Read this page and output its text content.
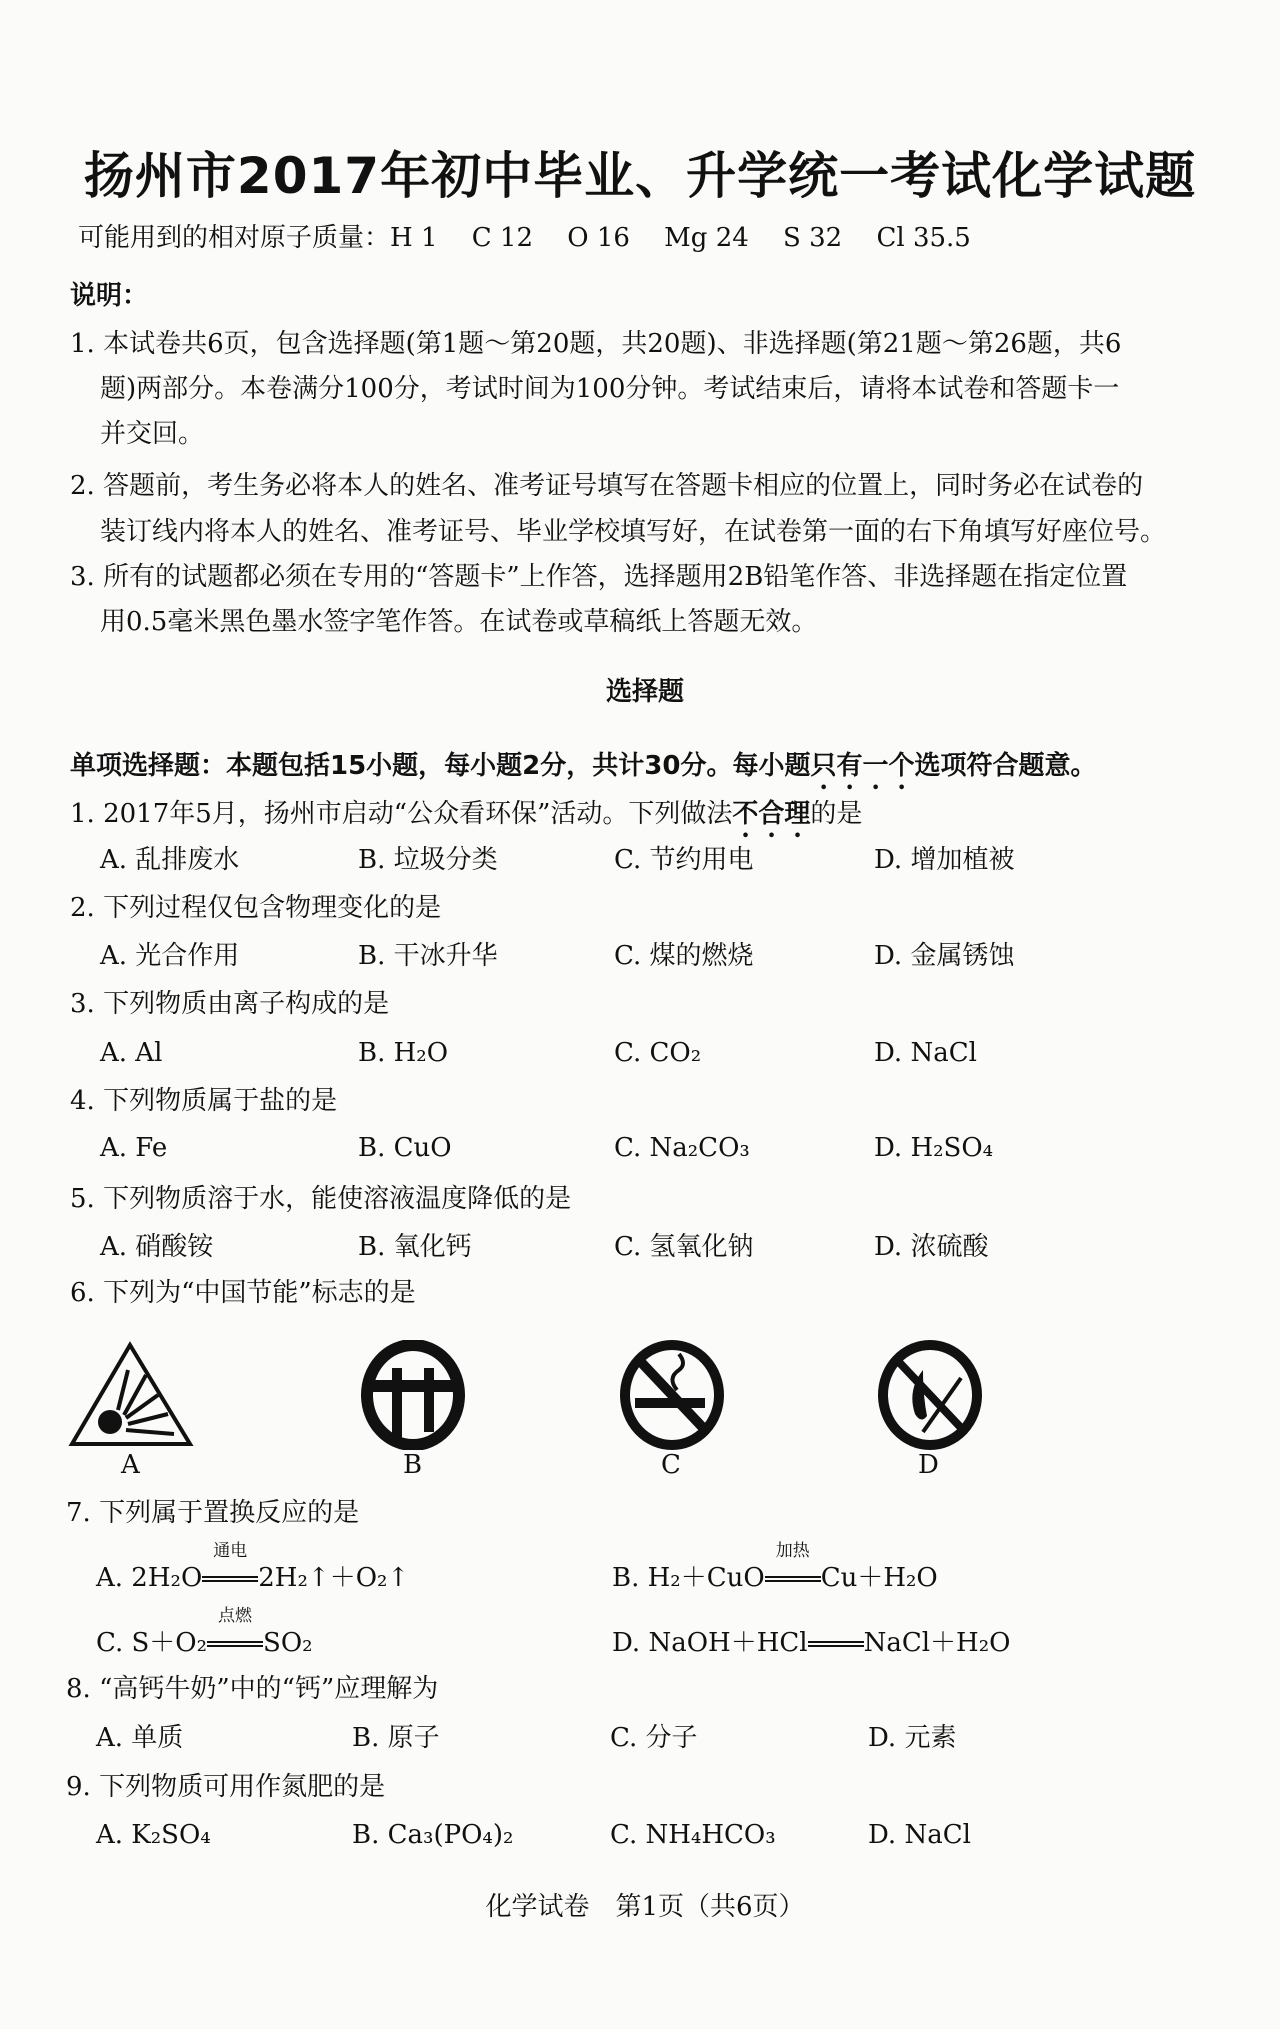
扬州市2017年初中毕业、升学统一考试化学试题
可能用到的相对原子质量：H 1　 C 12　 O 16　 Mg 24　 S 32　 Cl 35.5
说明：
1. 本试卷共6页，包含选择题(第1题～第20题，共20题)、非选择题(第21题～第26题，共6
题)两部分。本卷满分100分，考试时间为100分钟。考试结束后，请将本试卷和答题卡一
并交回。
2. 答题前，考生务必将本人的姓名、准考证号填写在答题卡相应的位置上，同时务必在试卷的
装订线内将本人的姓名、准考证号、毕业学校填写好，在试卷第一面的右下角填写好座位号。
3. 所有的试题都必须在专用的“答题卡”上作答，选择题用2B铅笔作答、非选择题在指定位置
用0.5毫米黑色墨水签字笔作答。在试卷或草稿纸上答题无效。
选择题
单项选择题：本题包括15小题，每小题2分，共计30分。每小题只有一个选项符合题意。
1. 2017年5月，扬州市启动“公众看环保”活动。下列做法不合理的是
A. 乱排废水	B. 垃圾分类	C. 节约用电	D. 增加植被
2. 下列过程仅包含物理变化的是
A. 光合作用	B. 干冰升华	C. 煤的燃烧	D. 金属锈蚀
3. 下列物质由离子构成的是
A. Al	B. H₂O	C. CO₂	D. NaCl
4. 下列物质属于盐的是
A. Fe	B. CuO	C. Na₂CO₃	D. H₂SO₄
5. 下列物质溶于水，能使溶液温度降低的是
A. 硝酸铵	B. 氧化钙	C. 氢氧化钠	D. 浓硫酸
6. 下列为“中国节能”标志的是
A	B	C	D
7. 下列属于置换反应的是
A. 2H₂O
通电
2H₂↑＋O₂↑	B. H₂＋CuO
加热
Cu＋H₂O
C. S＋O₂
点燃
SO₂	D. NaOH＋HCl NaCl＋H₂O
8. “高钙牛奶”中的“钙”应理解为
A. 单质	B. 原子	C. 分子	D. 元素
9. 下列物质可用作氮肥的是
A. K₂SO₄	B. Ca₃(PO₄)₂	C. NH₄HCO₃	D. NaCl
化学试卷　第1页（共6页）
